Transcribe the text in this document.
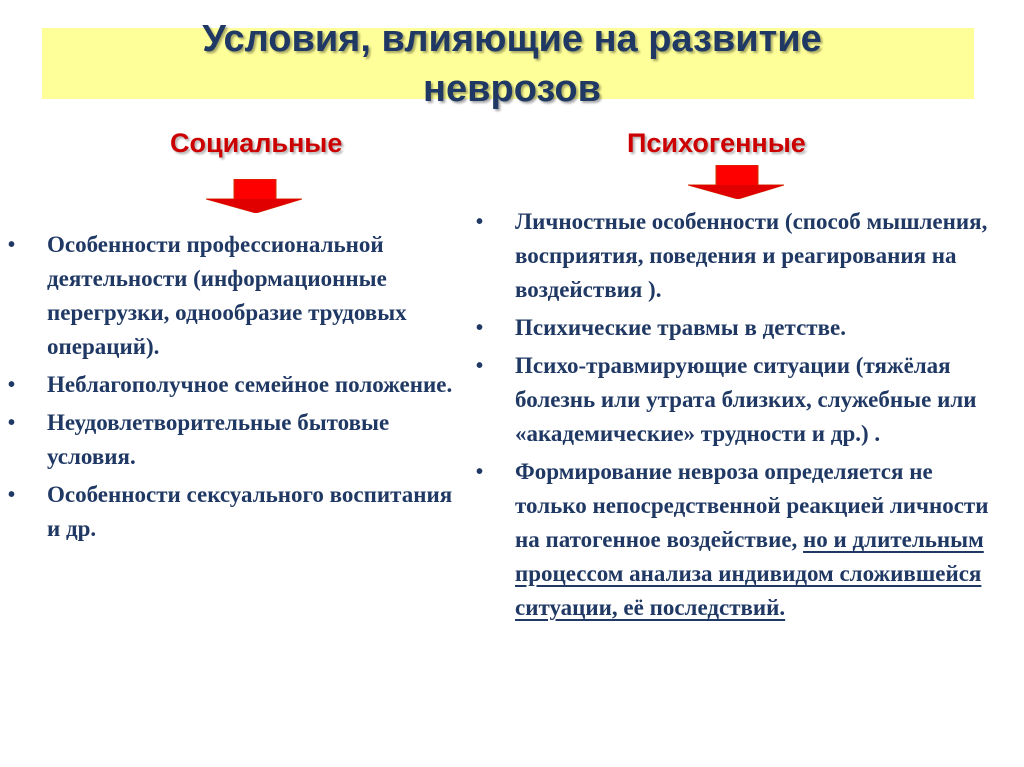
Условия, влияющие на развитие
неврозов
Социальные	Психогенные
• Особенности профессиональной деятельности (информационные перегрузки, однообразие трудовых операций).
• Неблагополучное семейное положение.
• Неудовлетворительные бытовые условия.
• Особенности сексуального воспитания и др.
• Личностные особенности (способ мышления, восприятия, поведения и реагирования на воздействия ).
• Психические травмы в детстве.
• Психо-травмирующие ситуации (тяжёлая болезнь или утрата близких, служебные или «академические» трудности и др.) .
• Формирование невроза определяется не только непосредственной реакцией личности на патогенное воздействие, но и длительным процессом анализа индивидом сложившейся ситуации, её последствий.
